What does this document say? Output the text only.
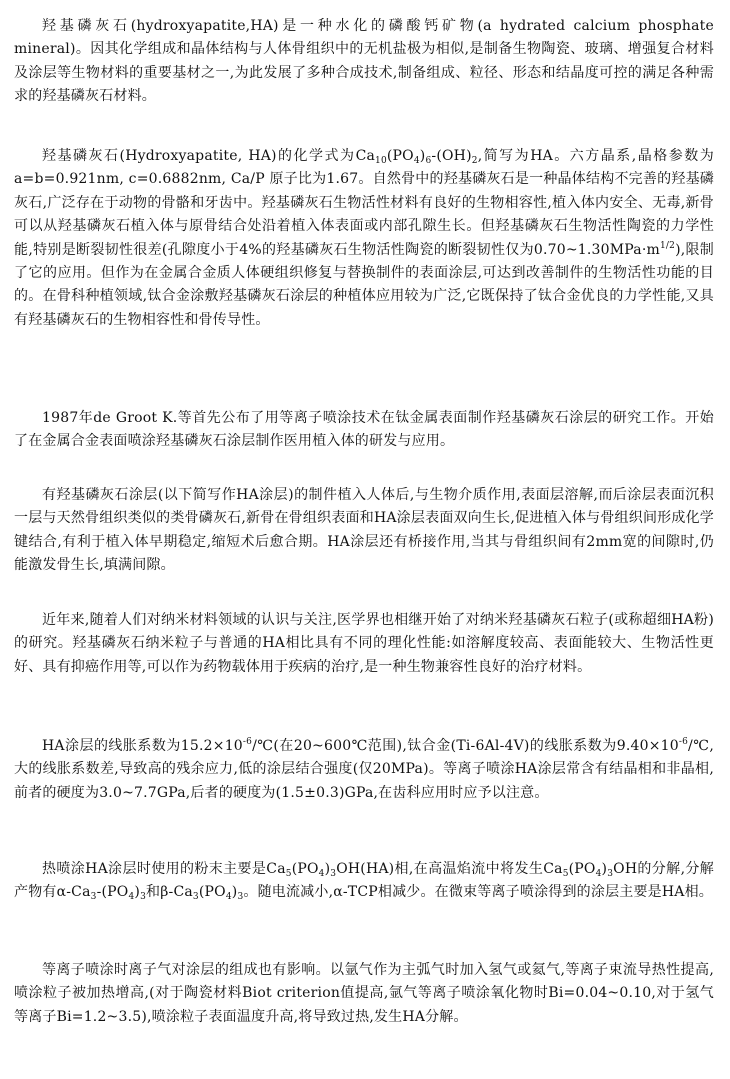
羟基磷灰石(hydroxyapatite,HA)是一种水化的磷酸钙矿物(a hydrated calcium phosphate mineral)。因其化学组成和晶体结构与人体骨组织中的无机盐极为相似,是制备生物陶瓷、玻璃、增强复合材料及涂层等生物材料的重要基材之一,为此发展了多种合成技术,制备组成、粒径、形态和结晶度可控的满足各种需求的羟基磷灰石材料。

羟基磷灰石(Hydroxyapatite, HA)的化学式为$Ca_{10}(PO_4)_6-(OH)_2$,简写为HA。六方晶系,晶格参数为a=b=0.921nm, c=0.6882nm, Ca/P 原子比为1.67。自然骨中的羟基磷灰石是一种晶体结构不完善的羟基磷灰石,广泛存在于动物的骨骼和牙齿中。羟基磷灰石生物活性材料有良好的生物相容性,植入体内安全、无毒,新骨可以从羟基磷灰石植入体与原骨结合处沿着植入体表面或内部孔隙生长。但羟基磷灰石生物活性陶瓷的力学性能,特别是断裂韧性很差(孔隙度小于4%的羟基磷灰石生物活性陶瓷的断裂韧性仅为$0.70\sim 1.30MPa\cdot m^{1/2}$),限制了它的应用。但作为在金属合金质人体硬组织修复与替换制件的表面涂层,可达到改善制件的生物活性功能的目的。在骨科种植领域,钛合金涂敷羟基磷灰石涂层的种植体应用较为广泛,它既保持了钛合金优良的力学性能,又具有羟基磷灰石的生物相容性和骨传导性。

1987年de Groot K.等首先公布了用等离子喷涂技术在钛金属表面制作羟基磷灰石涂层的研究工作。开始了在金属合金表面喷涂羟基磷灰石涂层制作医用植入体的研发与应用。

有羟基磷灰石涂层(以下简写作HA涂层)的制件植入人体后,与生物介质作用,表面层溶解,而后涂层表面沉积一层与天然骨组织类似的类骨磷灰石,新骨在骨组织表面和HA涂层表面双向生长,促进植入体与骨组织间形成化学键结合,有利于植入体早期稳定,缩短术后愈合期。HA涂层还有桥接作用,当其与骨组织间有2mm宽的间隙时,仍能激发骨生长,填满间隙。

近年来,随着人们对纳米材料领域的认识与关注,医学界也相继开始了对纳米羟基磷灰石粒子(或称超细HA粉)的研究。羟基磷灰石纳米粒子与普通的HA相比具有不同的理化性能:如溶解度较高、表面能较大、生物活性更好、具有抑癌作用等,可以作为药物载体用于疾病的治疗,是一种生物兼容性良好的治疗材料。

HA涂层的线胀系数为$15.2\times 10^{-6}/℃$(在20~600℃范围),钛合金(Ti-6Al-4V)的线胀系数为$9.40\times 10^{-6}/℃$,大的线胀系数差,导致高的残余应力,低的涂层结合强度(仅20MPa)。等离子喷涂HA涂层常含有结晶相和非晶相,前者的硬度为3.0~7.7GPa,后者的硬度为(1.5±0.3)GPa,在齿科应用时应予以注意。

热喷涂HA涂层时使用的粉末主要是$Ca_5(PO_4)_3OH(HA)$相,在高温焰流中将发生$Ca_5(PO_4)_3OH$的分解,分解产物有$\alpha-Ca_3-(PO_4)_3$和$\beta-Ca_3(PO_4)_3$。随电流减小,α-TCP相减少。在微束等离子喷涂得到的涂层主要是HA相。

等离子喷涂时离子气对涂层的组成也有影响。以氩气作为主弧气时加入氢气或氦气,等离子束流导热性提高,喷涂粒子被加热增高,(对于陶瓷材料Biot criterion值提高,氩气等离子喷涂氧化物时Bi=0.04~0.10,对于氢气等离子Bi=1.2~3.5),喷涂粒子表面温度升高,将导致过热,发生HA分解。
